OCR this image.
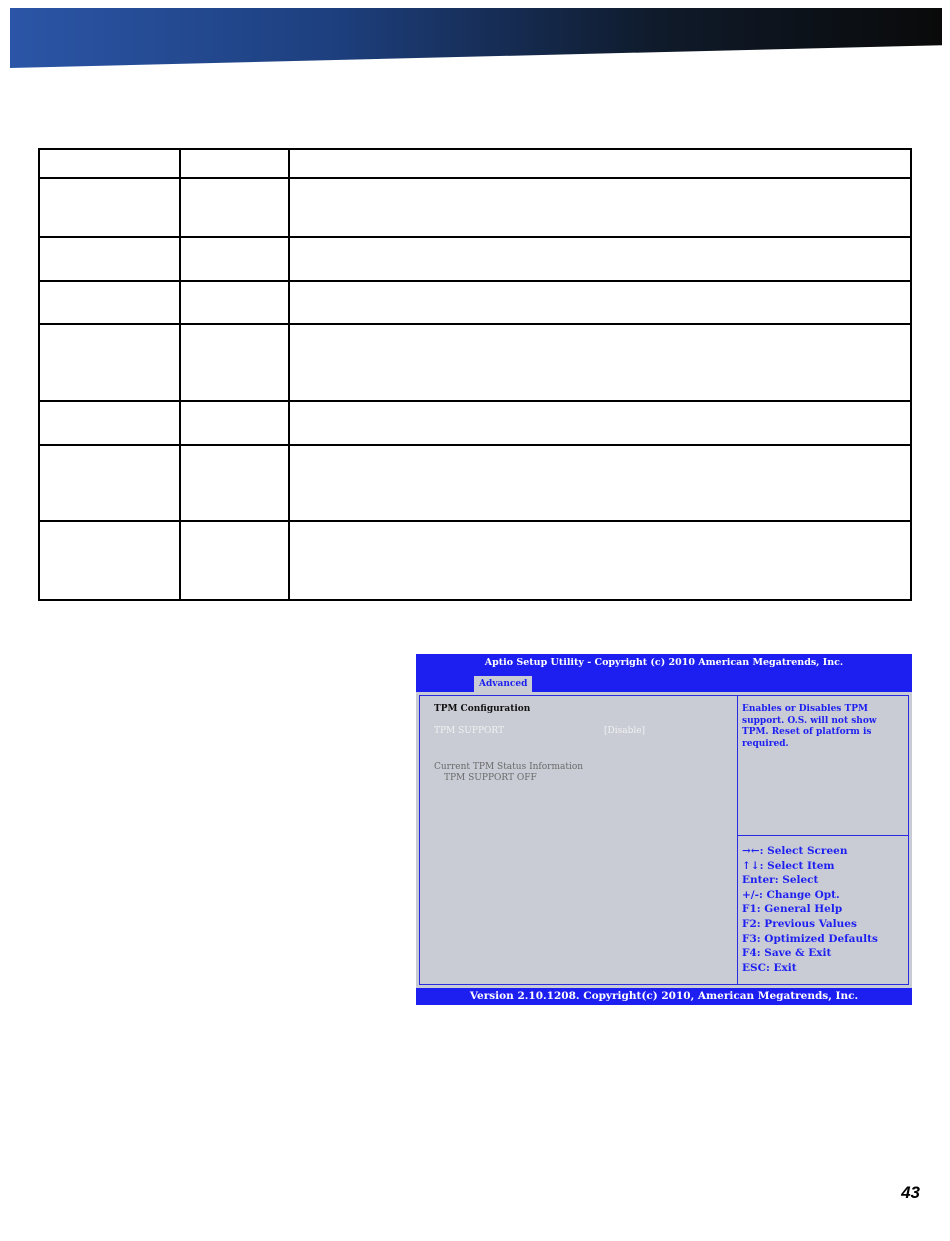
Aptio Setup Utility - Copyright (c) 2010 American Megatrends, Inc.
Advanced
TPM Configuration
TPM SUPPORT	[Disable]
Current TPM Status Information
TPM SUPPORT OFF
Enables or Disables TPM
support. O.S. will not show
TPM. Reset of platform is
required.
→←: Select Screen
↑↓: Select Item
Enter: Select
+/-: Change Opt.
F1: General Help
F2: Previous Values
F3: Optimized Defaults
F4: Save & Exit
ESC: Exit
Version 2.10.1208. Copyright(c) 2010, American Megatrends, Inc.
43
